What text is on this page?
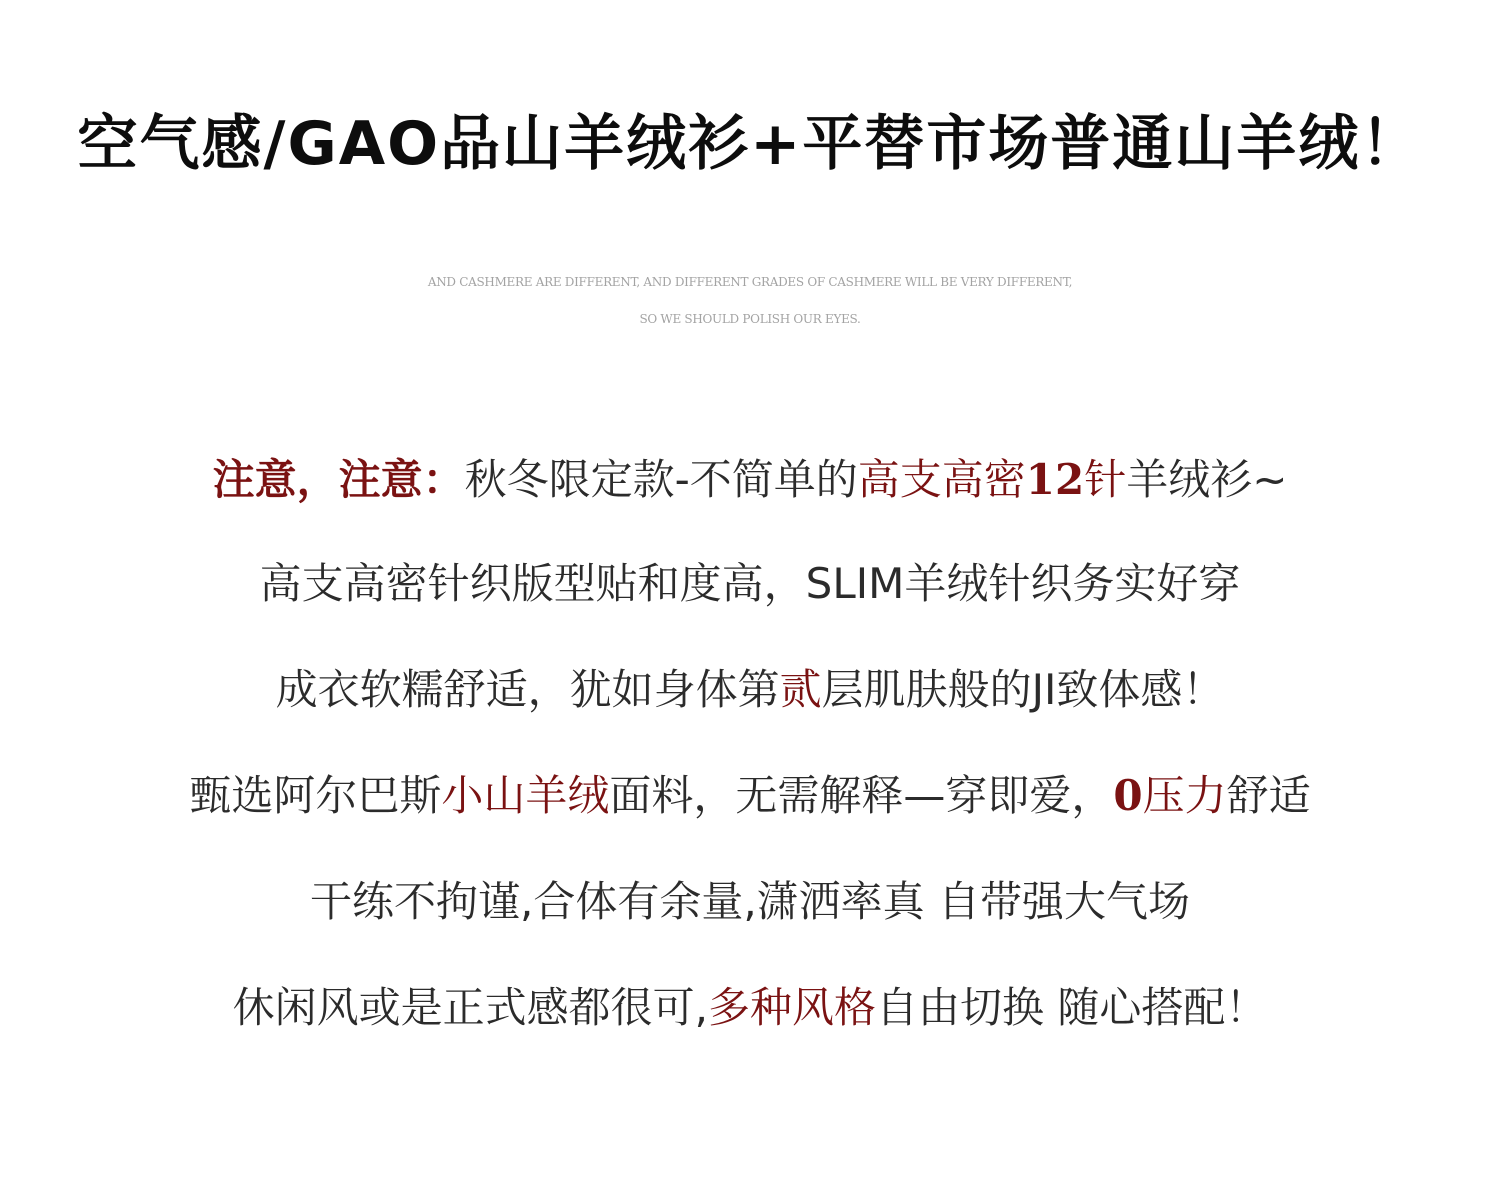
空气感/GAO品山羊绒衫+平替市场普通山羊绒！
AND CASHMERE ARE DIFFERENT, AND DIFFERENT GRADES OF CASHMERE WILL BE VERY DIFFERENT,
SO WE SHOULD POLISH OUR EYES.
注意，注意：秋冬限定款-不简单的高支高密12针羊绒衫~
高支高密针织版型贴和度高，SLIM羊绒针织务实好穿
成衣软糯舒适，犹如身体第贰层肌肤般的JI致体感！
甄选阿尔巴斯小山羊绒面料，无需解释—穿即爱，0压力舒适
干练不拘谨,合体有余量,潇洒率真 自带强大气场
休闲风或是正式感都很可,多种风格自由切换 随心搭配！
